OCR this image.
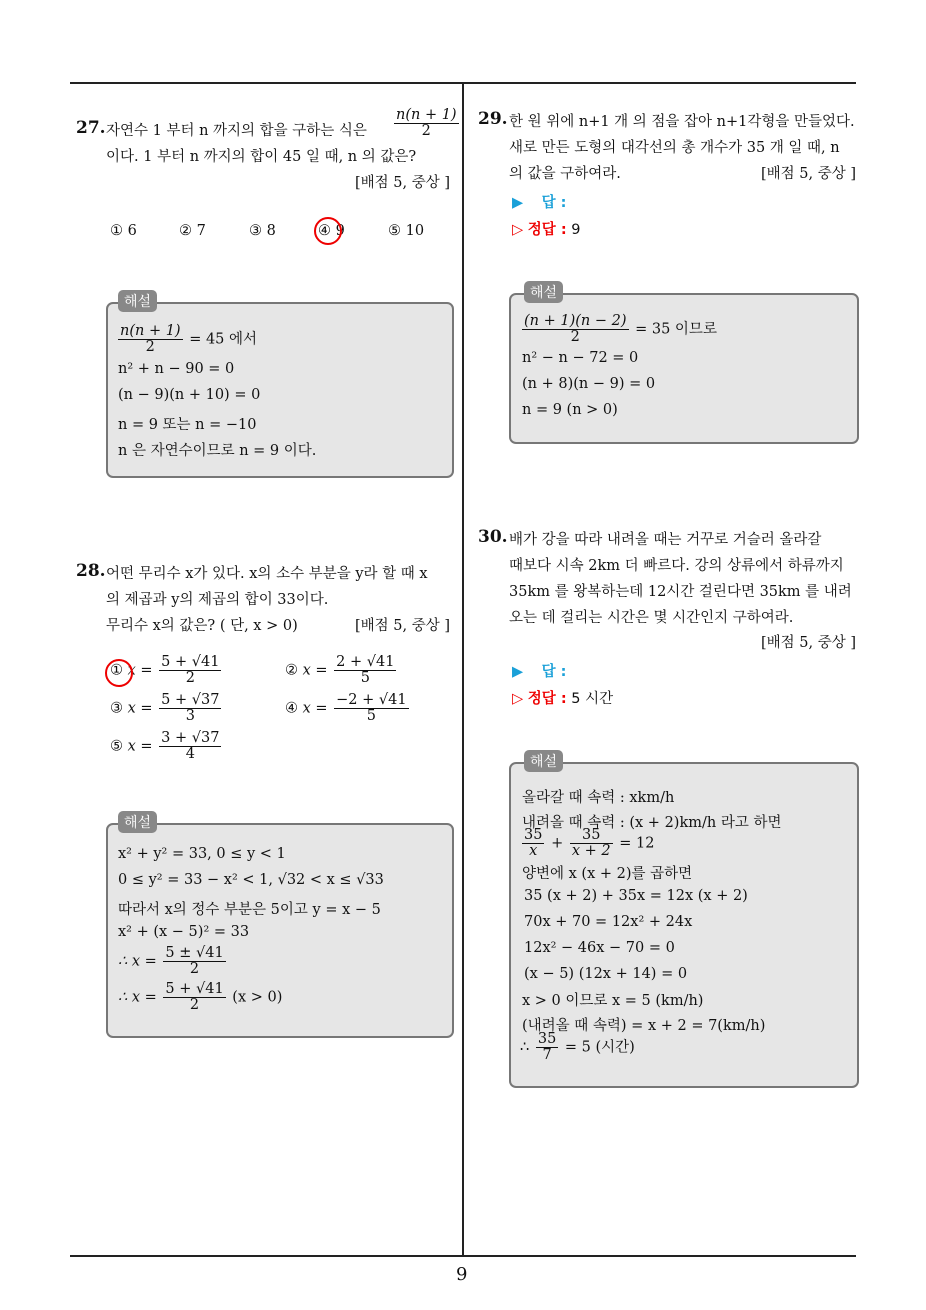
9
27. 자연수 1 부터 n 까지의 합을 구하는 식은 $\frac{n(n + 1)}{2}$
이다. 1 부터 n 까지의 합이 45 일 때, n 의 값은?
[배점 5, 중상 ]
① 6	② 7	③ 8	④ 9	⑤ 10
해설
$\frac{n(n + 1)}{2} = 45$ 에서
n² + n − 90 = 0
(n − 9)(n + 10) = 0
n = 9 또는 n = −10
n 은 자연수이므로 n = 9 이다.
28. 어떤 무리수 x가 있다. x의 소수 부분을 y라 할 때 x
의 제곱과 y의 제곱의 합이 33이다.
무리수 x의 값은? ( 단, x > 0)	[배점 5, 중상 ]
① $x = \frac{5 + √41}{2}$	② $x = \frac{2 + √41}{5}$
③ $x = \frac{5 + √37}{3}$	④ $x = \frac{-2 + √41}{5}$
⑤ $x = \frac{3 + √37}{4}$
해설
x² + y² = 33, 0 ≤ y < 1
0 ≤ y² = 33 − x² < 1, √32 < x ≤ √33
따라서 x의 정수 부분은 5이고 y = x − 5
x² + (x − 5)² = 33
∴ $x = \frac{5 \pm √41}{2}$
∴ $x = \frac{5 + √41}{2} (x > 0)$
29. 한 원 위에 n+1 개 의 점을 잡아 n+1각형을 만들었다.
새로 만든 도형의 대각선의 총 개수가 35 개 일 때, n
의 값을 구하여라.	[배점 5, 중상 ]
▶ 답 :
▷ 정답 : 9
해설
$\frac{(n + 1)(n - 2)}{2} = 35$ 이므로
n² − n − 72 = 0
(n + 8)(n − 9) = 0
n = 9 (n > 0)
30. 배가 강을 따라 내려올 때는 거꾸로 거슬러 올라갈
때보다 시속 2km 더 빠르다. 강의 상류에서 하류까지
35km 를 왕복하는데 12시간 걸린다면 35km 를 내려
오는 데 걸리는 시간은 몇 시간인지 구하여라.
[배점 5, 중상 ]
▶ 답 :
▷ 정답 : 5 시간
해설
올라갈 때 속력 : xkm/h
내려올 때 속력 : (x + 2)km/h 라고 하면
$\frac{35}{x} + \frac{35}{x + 2} = 12$
양변에 x (x + 2)를 곱하면
35 (x + 2) + 35x = 12x (x + 2)
70x + 70 = 12x² + 24x
12x² − 46x − 70 = 0
(x − 5) (12x + 14) = 0
x > 0 이므로 x = 5 (km/h)
(내려올 때 속력) = x + 2 = 7(km/h)
∴ $\frac{35}{7} = 5$ (시간)
